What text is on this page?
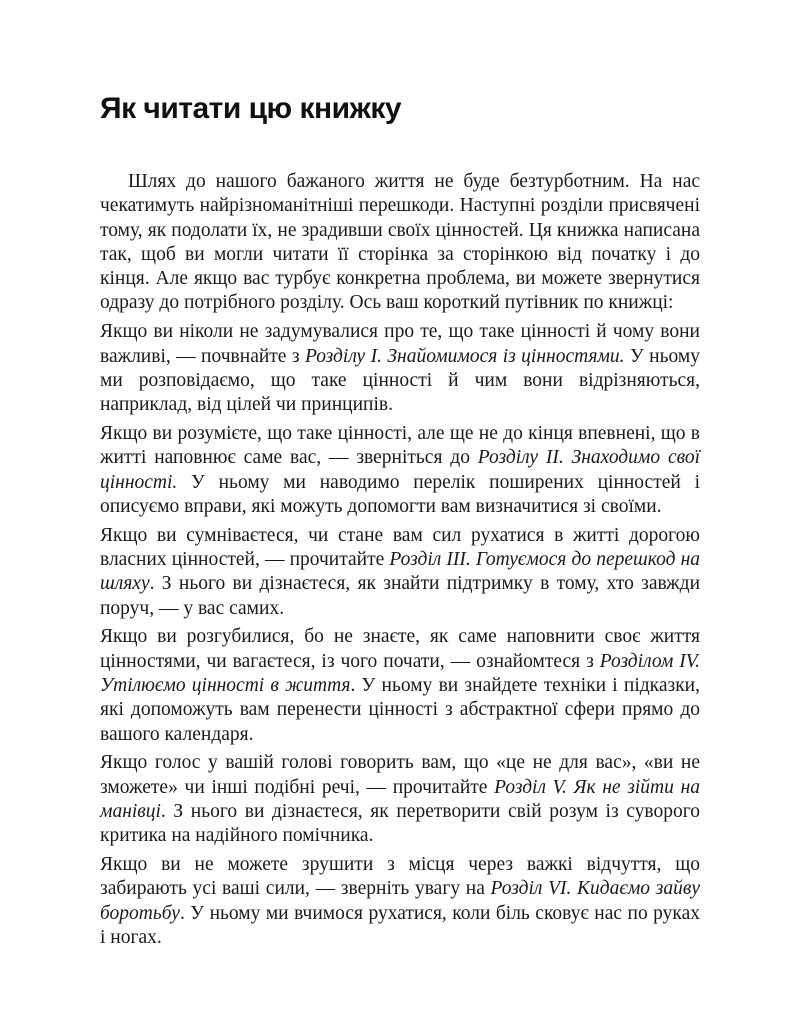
Як читати цю книжку

Шлях до нашого бажаного життя не буде безтурботним. На нас чекатимуть найрізноманітніші перешкоди. Наступні розділи присвячені тому, як подолати їх, не зрадивши своїх цінностей. Ця книжка написана так, щоб ви могли читати її сторінка за сторінкою від початку і до кінця. Але якщо вас турбує конкретна проблема, ви можете звернутися одразу до потрібного розділу. Ось ваш короткий путівник по книжці:

Якщо ви ніколи не задумувалися про те, що таке цінності й чому вони важливі, — почвнайте з Розділу I. Знайомимося із цінностями. У ньому ми розповідаємо, що таке цінності й чим вони відрізняються, наприклад, від цілей чи принципів.

Якщо ви розумієте, що таке цінності, але ще не до кінця впевнені, що в житті наповнює саме вас, — зверніться до Розділу II. Знаходимо свої цінності. У ньому ми наводимо перелік поширених цінностей і описуємо вправи, які можуть допомогти вам визначитися зі своїми.

Якщо ви сумніваєтеся, чи стане вам сил рухатися в житті дорогою власних цінностей, — прочитайте Розділ III. Готуємося до перешкод на шляху. З нього ви дізнаєтеся, як знайти підтримку в тому, хто завжди поруч, — у вас самих.

Якщо ви розгубилися, бо не знаєте, як саме наповнити своє життя цінностями, чи вагаєтеся, із чого почати, — ознайомтеся з Розділом IV. Утілюємо цінності в життя. У ньому ви знайдете техніки і підказки, які допоможуть вам перенести цінності з абстрактної сфери прямо до вашого календаря.

Якщо голос у вашій голові говорить вам, що «це не для вас», «ви не зможете» чи інші подібні речі, — прочитайте Розділ V. Як не зійти на манівці. З нього ви дізнаєтеся, як перетворити свій розум із суворого критика на надійного помічника.

Якщо ви не можете зрушити з місця через важкі відчуття, що забирають усі ваші сили, — зверніть увагу на Розділ VI. Кидаємо зайву боротьбу. У ньому ми вчимося рухатися, коли біль сковує нас по руках і ногах.
